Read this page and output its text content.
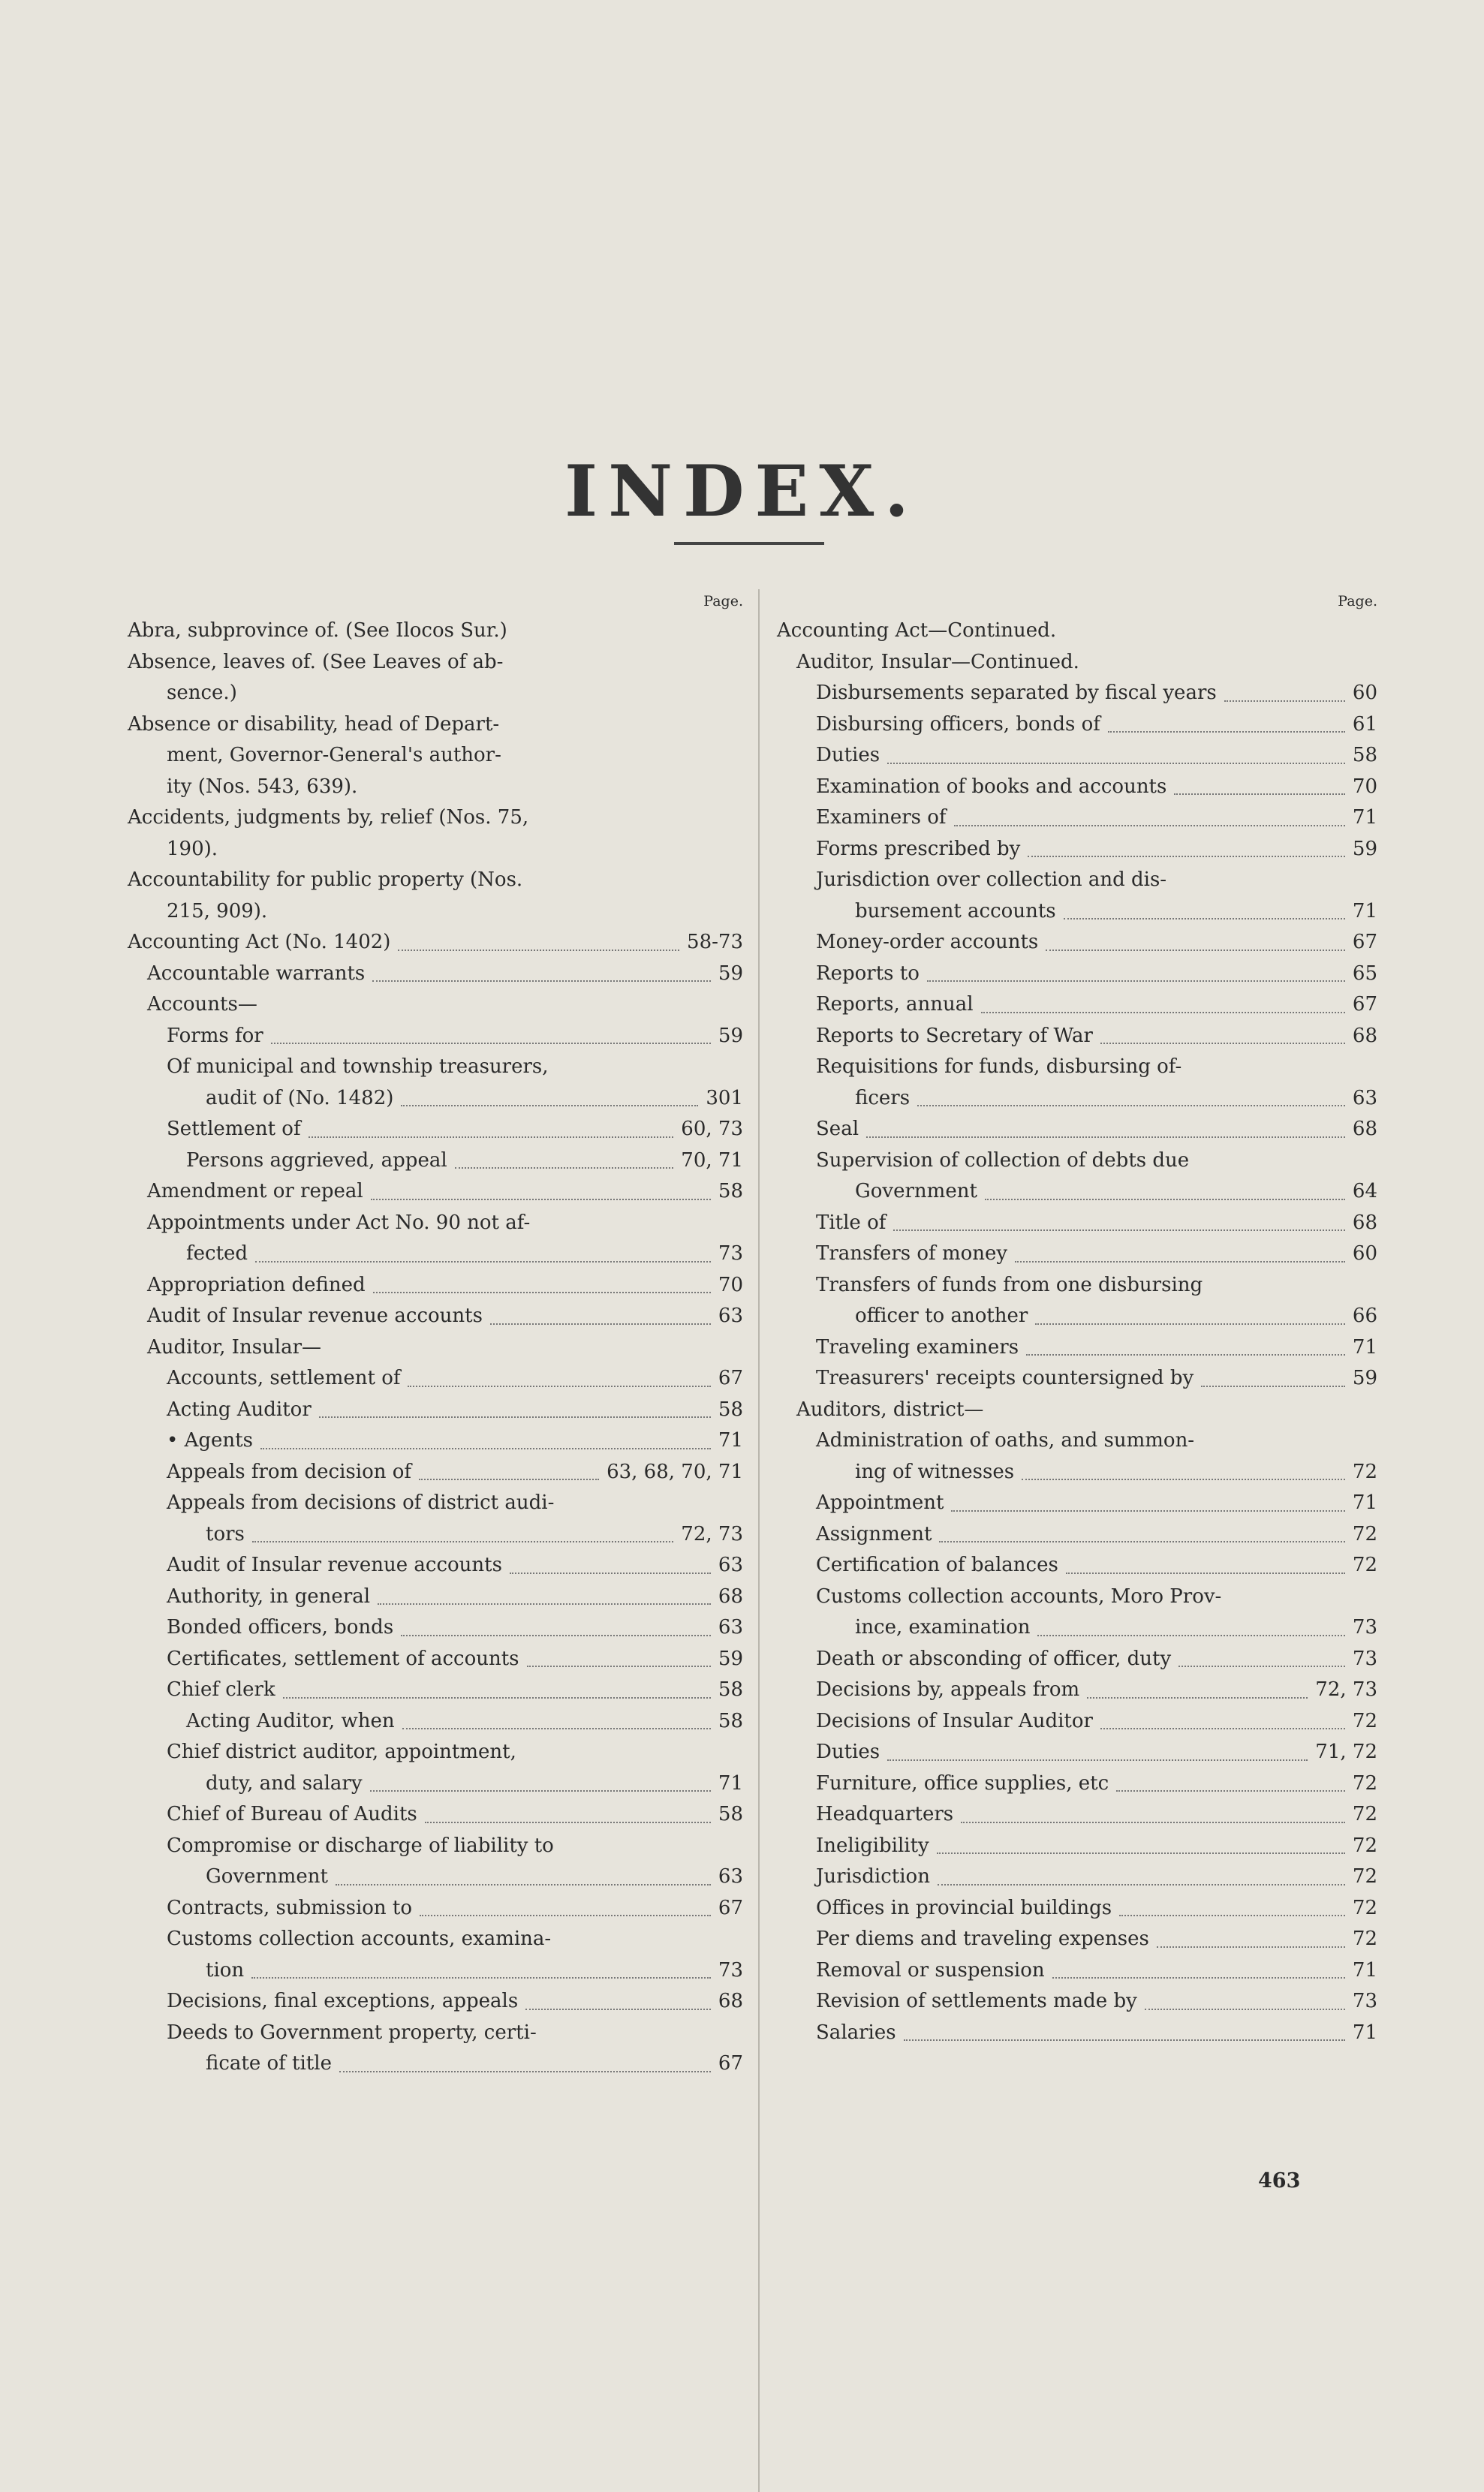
INDEX.
Page.
Abra, subprovince of. (See Ilocos Sur.)
Absence, leaves of. (See Leaves of ab-
sence.)
Absence or disability, head of Depart-
ment, Governor-General's author-
ity (Nos. 543, 639).
Accidents, judgments by, relief (Nos. 75,
190).
Accountability for public property (Nos.
215, 909).
Accounting Act (No. 1402)	58-73
Accountable warrants	59
Accounts—
Forms for	59
Of municipal and township treasurers,
audit of (No. 1482)	301
Settlement of	60, 73
Persons aggrieved, appeal	70, 71
Amendment or repeal	58
Appointments under Act No. 90 not af-
fected	73
Appropriation defined	70
Audit of Insular revenue accounts	63
Auditor, Insular—
Accounts, settlement of	67
Acting Auditor	58
• Agents	71
Appeals from decision of	63, 68, 70, 71
Appeals from decisions of district audi-
tors	72, 73
Audit of Insular revenue accounts	63
Authority, in general	68
Bonded officers, bonds	63
Certificates, settlement of accounts	59
Chief clerk	58
Acting Auditor, when	58
Chief district auditor, appointment,
duty, and salary	71
Chief of Bureau of Audits	58
Compromise or discharge of liability to
Government	63
Contracts, submission to	67
Customs collection accounts, examina-
tion	73
Decisions, final exceptions, appeals	68
Deeds to Government property, certi-
ficate of title	67
Page.
Accounting Act—Continued.
Auditor, Insular—Continued.
Disbursements separated by fiscal years	60
Disbursing officers, bonds of	61
Duties	58
Examination of books and accounts	70
Examiners of	71
Forms prescribed by	59
Jurisdiction over collection and dis-
bursement accounts	71
Money-order accounts	67
Reports to	65
Reports, annual	67
Reports to Secretary of War	68
Requisitions for funds, disbursing of-
ficers	63
Seal	68
Supervision of collection of debts due
Government	64
Title of	68
Transfers of money	60
Transfers of funds from one disbursing
officer to another	66
Traveling examiners	71
Treasurers' receipts countersigned by	59
Auditors, district—
Administration of oaths, and summon-
ing of witnesses	72
Appointment	71
Assignment	72
Certification of balances	72
Customs collection accounts, Moro Prov-
ince, examination	73
Death or absconding of officer, duty	73
Decisions by, appeals from	72, 73
Decisions of Insular Auditor	72
Duties	71, 72
Furniture, office supplies, etc	72
Headquarters	72
Ineligibility	72
Jurisdiction	72
Offices in provincial buildings	72
Per diems and traveling expenses	72
Removal or suspension	71
Revision of settlements made by	73
Salaries	71
463
